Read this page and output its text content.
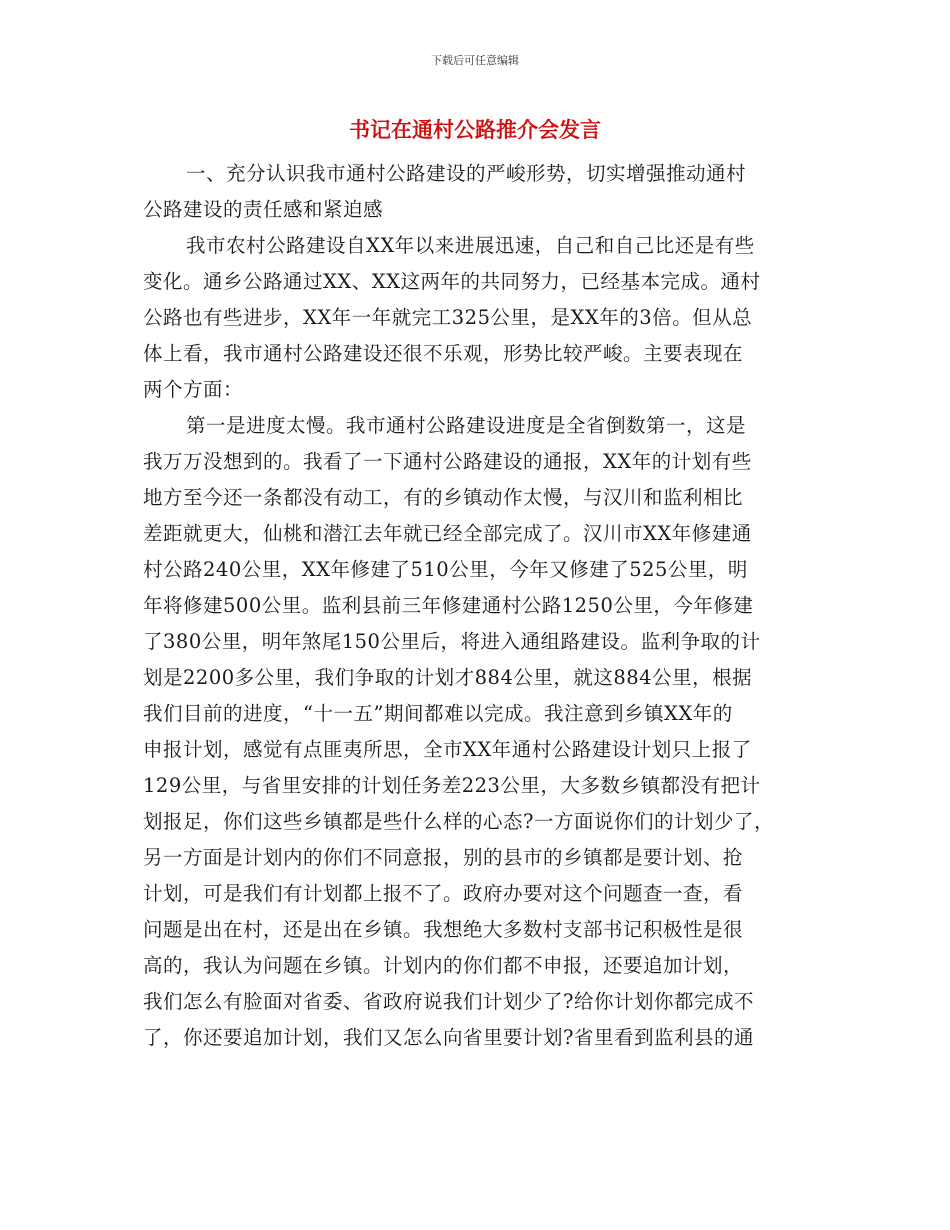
下载后可任意编辑
书记在通村公路推介会发言
一、充分认识我市通村公路建设的严峻形势，切实增强推动通村
公路建设的责任感和紧迫感
我市农村公路建设自XX年以来进展迅速，自己和自己比还是有些
变化。通乡公路通过XX、XX这两年的共同努力，已经基本完成。通村
公路也有些进步，XX年一年就完工325公里，是XX年的3倍。但从总
体上看，我市通村公路建设还很不乐观，形势比较严峻。主要表现在
两个方面：
第一是进度太慢。我市通村公路建设进度是全省倒数第一，这是
我万万没想到的。我看了一下通村公路建设的通报，XX年的计划有些
地方至今还一条都没有动工，有的乡镇动作太慢，与汉川和监利相比
差距就更大，仙桃和潜江去年就已经全部完成了。汉川市XX年修建通
村公路240公里，XX年修建了510公里，今年又修建了525公里，明
年将修建500公里。监利县前三年修建通村公路1250公里，今年修建
了380公里，明年煞尾150公里后，将进入通组路建设。监利争取的计
划是2200多公里，我们争取的计划才884公里，就这884公里，根据
我们目前的进度，“十一五”期间都难以完成。我注意到乡镇XX年的
申报计划，感觉有点匪夷所思，全市XX年通村公路建设计划只上报了
129公里，与省里安排的计划任务差223公里，大多数乡镇都没有把计
划报足，你们这些乡镇都是些什么样的心态?一方面说你们的计划少了，
另一方面是计划内的你们不同意报，别的县市的乡镇都是要计划、抢
计划，可是我们有计划都上报不了。政府办要对这个问题查一查，看
问题是出在村，还是出在乡镇。我想绝大多数村支部书记积极性是很
高的，我认为问题在乡镇。计划内的你们都不申报，还要追加计划，
我们怎么有脸面对省委、省政府说我们计划少了?给你计划你都完成不
了，你还要追加计划，我们又怎么向省里要计划?省里看到监利县的通
